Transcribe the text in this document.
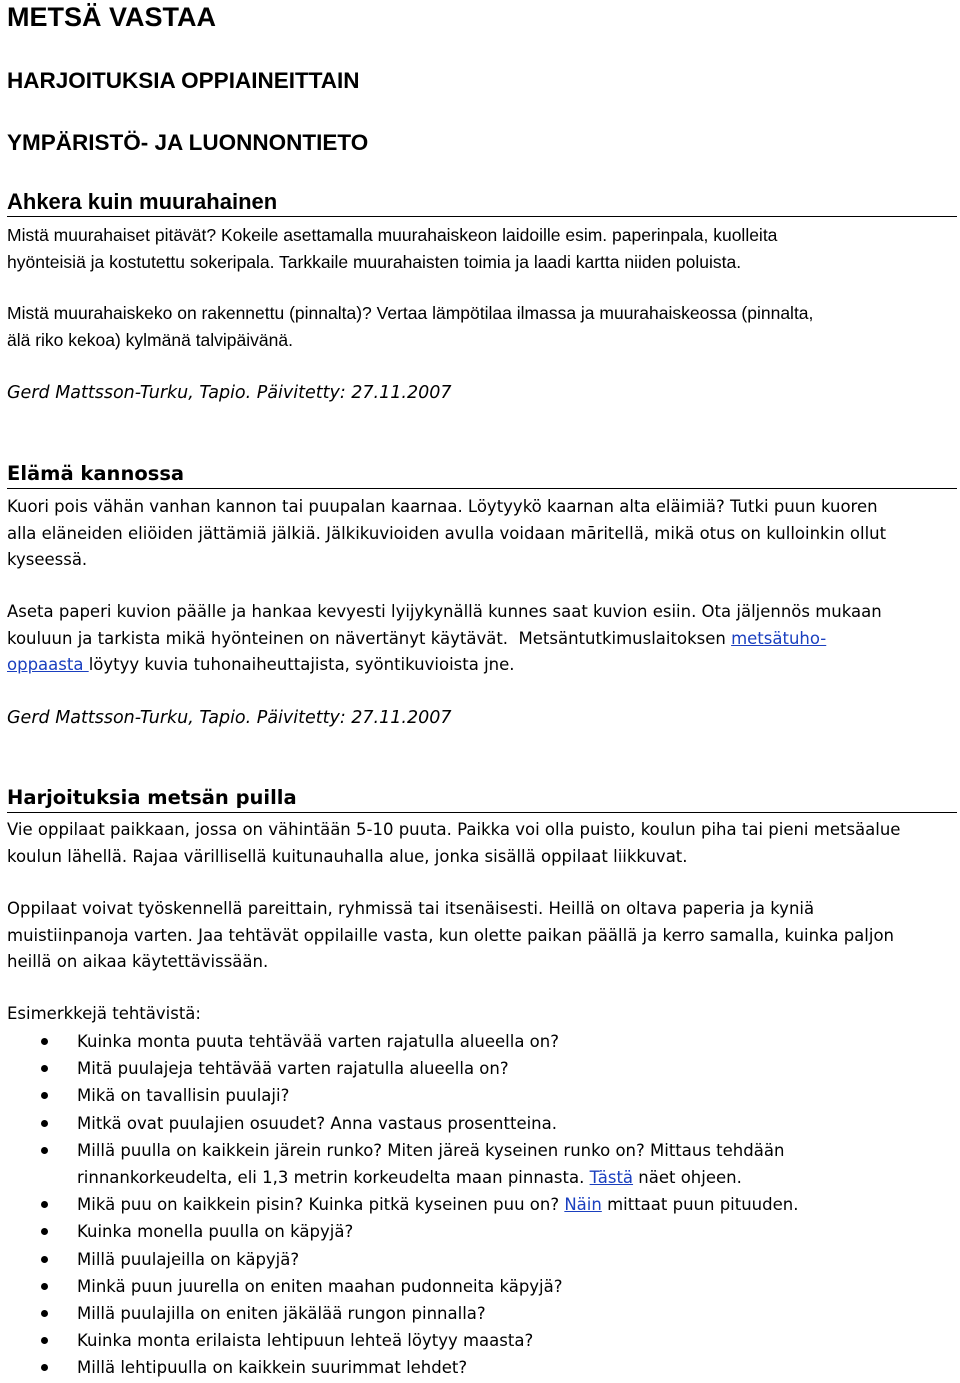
METSÄ VASTAA
HARJOITUKSIA OPPIAINEITTAIN
YMPÄRISTÖ- JA LUONNONTIETO
Ahkera kuin muurahainen
Mistä muurahaiset pitävät? Kokeile asettamalla muurahaiskeon laidoille esim. paperinpala, kuolleita
hyönteisiä ja kostutettu sokeripala. Tarkkaile muurahaisten toimia ja laadi kartta niiden poluista.
Mistä muurahaiskeko on rakennettu (pinnalta)? Vertaa lämpötilaa ilmassa ja muurahaiskeossa (pinnalta,
älä riko kekoa) kylmänä talvipäivänä.
Gerd Mattsson-Turku, Tapio. Päivitetty: 27.11.2007
Elämä kannossa
Kuori pois vähän vanhan kannon tai puupalan kaarnaa. Löytyykö kaarnan alta eläimiä? Tutki puun kuoren
alla eläneiden eliöiden jättämiä jälkiä. Jälkikuvioiden avulla voidaan māritellä, mikä otus on kulloinkin ollut
kyseessä.
Aseta paperi kuvion päälle ja hankaa kevyesti lyijykynällä kunnes saat kuvion esiin. Ota jäljennös mukaan
kouluun ja tarkista mikä hyönteinen on nävertänyt käytävät.  Metsäntutkimuslaitoksen metsätuho-
oppaasta löytyy kuvia tuhonaiheuttajista, syöntikuvioista jne.
Gerd Mattsson-Turku, Tapio. Päivitetty: 27.11.2007
Harjoituksia metsän puilla
Vie oppilaat paikkaan, jossa on vähintään 5-10 puuta. Paikka voi olla puisto, koulun piha tai pieni metsäalue
koulun lähellä. Rajaa värillisellä kuitunauhalla alue, jonka sisällä oppilaat liikkuvat.
Oppilaat voivat työskennellä pareittain, ryhmissä tai itsenäisesti. Heillä on oltava paperia ja kyniä
muistiinpanoja varten. Jaa tehtävät oppilaille vasta, kun olette paikan päällä ja kerro samalla, kuinka paljon
heillä on aikaa käytettävissään.
Esimerkkejä tehtävistä:
Kuinka monta puuta tehtävää varten rajatulla alueella on?
Mitä puulajeja tehtävää varten rajatulla alueella on?
Mikä on tavallisin puulaji?
Mitkä ovat puulajien osuudet? Anna vastaus prosentteina.
Millä puulla on kaikkein järein runko? Miten järeä kyseinen runko on? Mittaus tehdään
rinnankorkeudelta, eli 1,3 metrin korkeudelta maan pinnasta. Tästä näet ohjeen.
Mikä puu on kaikkein pisin? Kuinka pitkä kyseinen puu on? Näin mittaat puun pituuden.
Kuinka monella puulla on käpyjä?
Millä puulajeilla on käpyjä?
Minkä puun juurella on eniten maahan pudonneita käpyjä?
Millä puulajilla on eniten jäkälää rungon pinnalla?
Kuinka monta erilaista lehtipuun lehteä löytyy maasta?
Millä lehtipuulla on kaikkein suurimmat lehdet?
